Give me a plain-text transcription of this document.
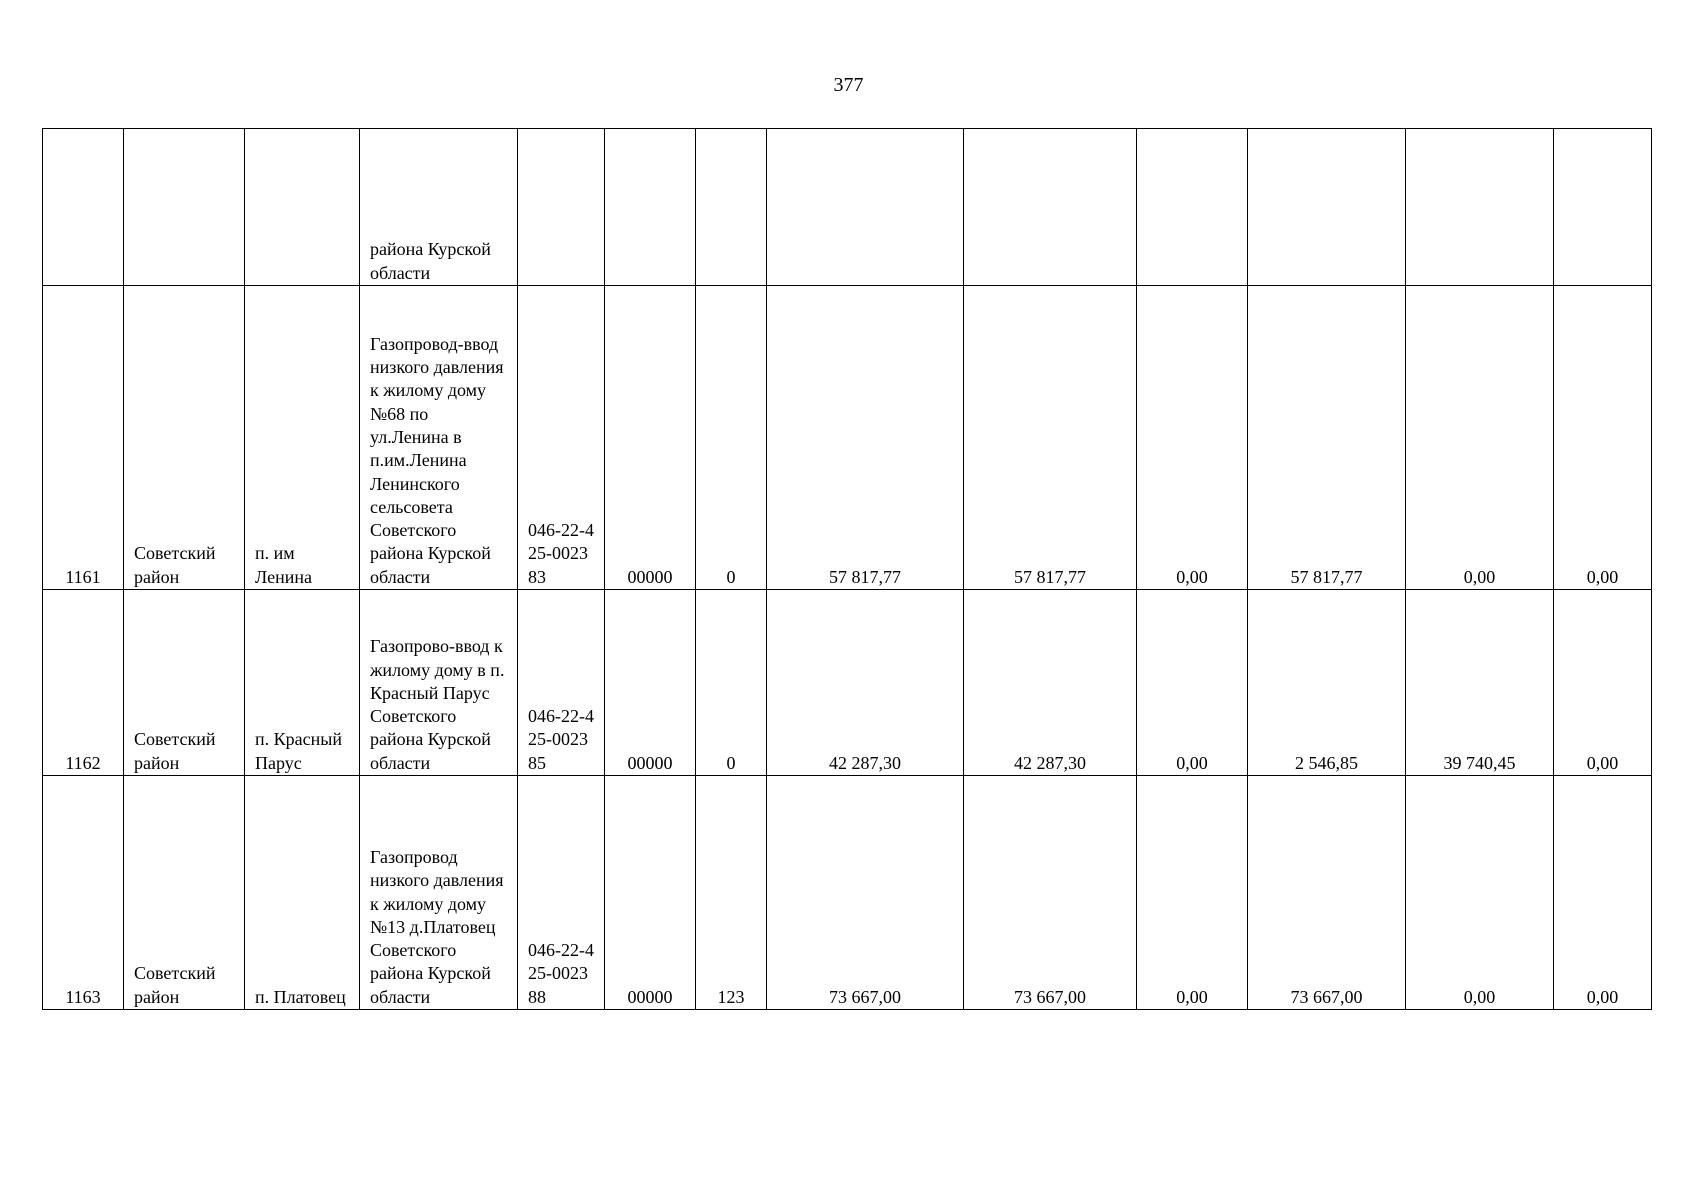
377

			района Курской области									

1161	Советский район	п. им Ленина	Газопровод-ввод низкого давления к жилому дому №68 по ул.Ленина в п.им.Ленина Ленинского сельсовета Советского района Курской области	046-22-425-002383	00000	0	57 817,77	57 817,77	0,00	57 817,77	0,00	0,00
1162	Советский район	п. Красный Парус	Газопрово-ввод к жилому дому в п. Красный Парус Советского района Курской области	046-22-425-002385	00000	0	42 287,30	42 287,30	0,00	2 546,85	39 740,45	0,00
1163	Советский район	п. Платовец	Газопровод низкого давления к жилому дому №13 д.Платовец Советского района Курской области	046-22-425-002388	00000	123	73 667,00	73 667,00	0,00	73 667,00	0,00	0,00
